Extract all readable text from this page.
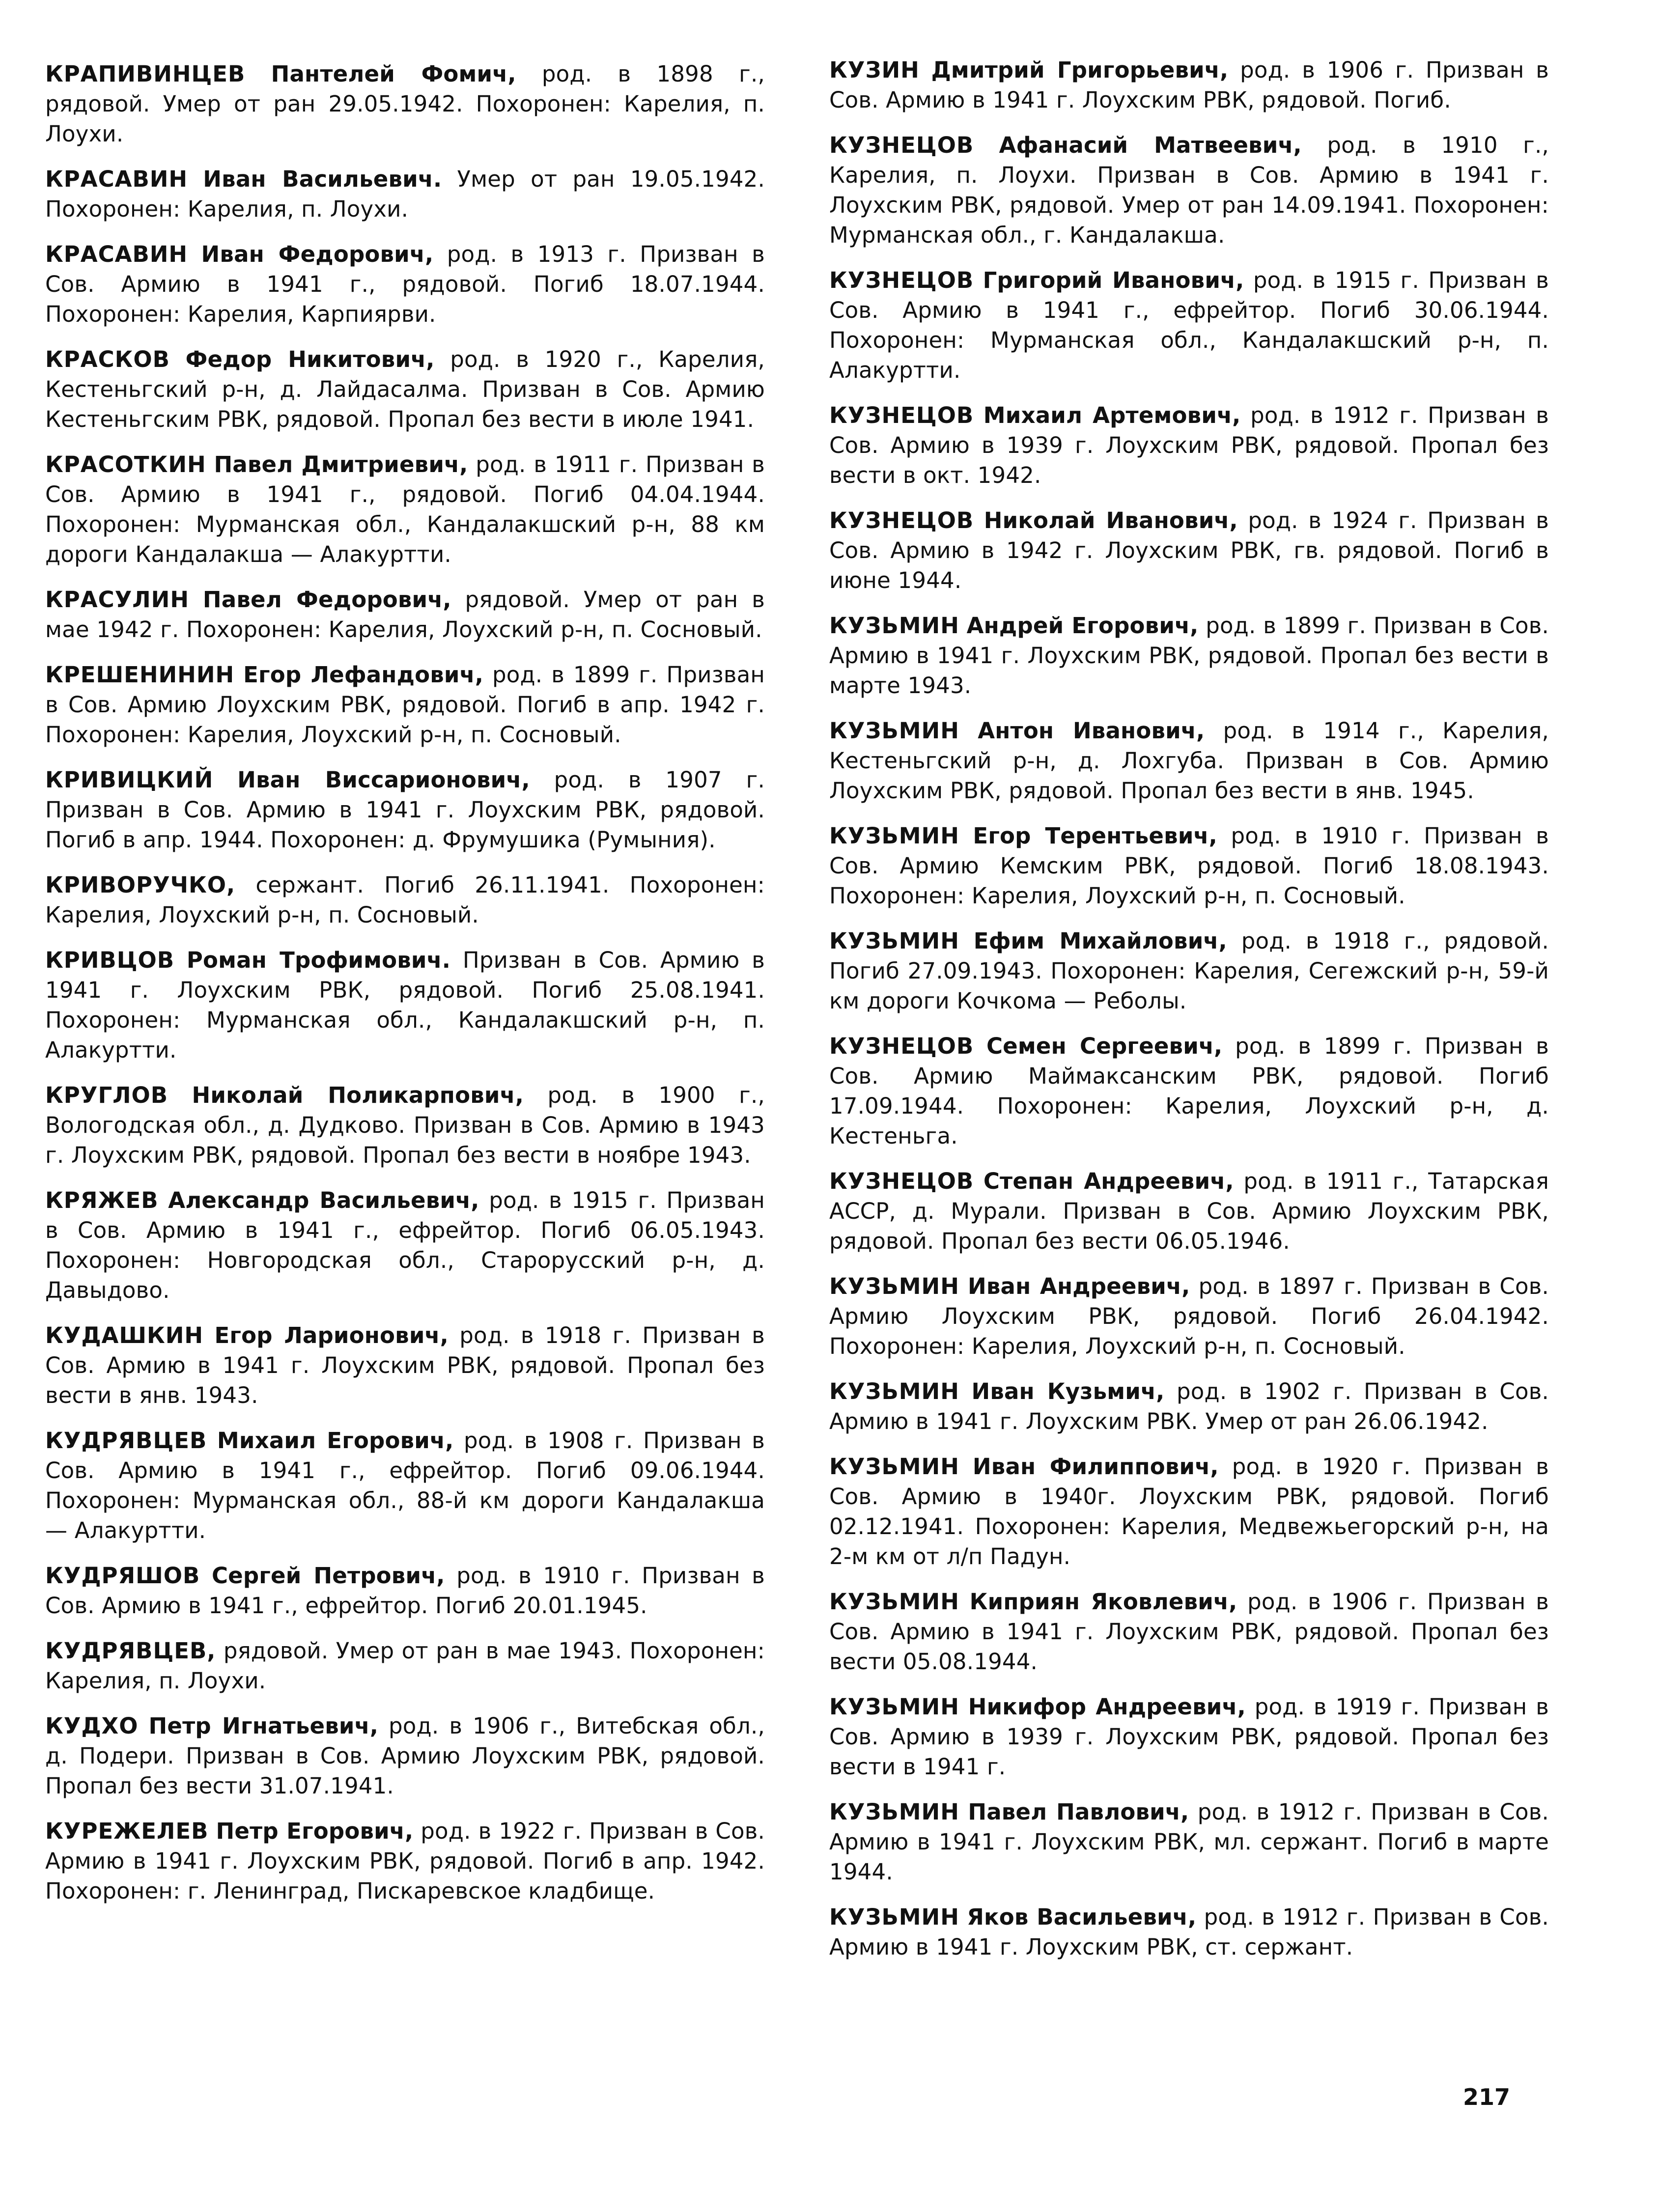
КРАПИВИНЦЕВ Пантелей Фомич, род. в 1898 г., рядовой. Умер от ран 29.05.1942. Похоронен: Карелия, п. Лоухи.

КРАСАВИН Иван Васильевич. Умер от ран 19.05.1942. Похоронен: Карелия, п. Лоухи.

КРАСАВИН Иван Федорович, род. в 1913 г. Призван в Сов. Армию в 1941 г., рядовой. Погиб 18.07.1944. Похоронен: Карелия, Карпиярви.

КРАСКОВ Федор Никитович, род. в 1920 г., Карелия, Кестеньгский р-н, д. Лайдасалма. Призван в Сов. Армию Кестеньгским РВК, рядовой. Пропал без вести в июле 1941.

КРАСОТКИН Павел Дмитриевич, род. в 1911 г. Призван в Сов. Армию в 1941 г., рядовой. Погиб 04.04.1944. Похоронен: Мурманская обл., Кандалакшский р-н, 88 км дороги Кандалакша — Алакуртти.

КРАСУЛИН Павел Федорович, рядовой. Умер от ран в мае 1942 г. Похоронен: Карелия, Лоухский р-н, п. Сосновый.

КРЕШЕНИНИН Егор Лефандович, род. в 1899 г. Призван в Сов. Армию Лоухским РВК, рядовой. Погиб в апр. 1942 г. Похоронен: Карелия, Лоухский р-н, п. Сосновый.

КРИВИЦКИЙ Иван Виссарионович, род. в 1907 г. Призван в Сов. Армию в 1941 г. Лоухским РВК, рядовой. Погиб в апр. 1944. Похоронен: д. Фрумушика (Румыния).

КРИВОРУЧКО, сержант. Погиб 26.11.1941. Похоронен: Карелия, Лоухский р-н, п. Сосновый.

КРИВЦОВ Роман Трофимович. Призван в Сов. Армию в 1941 г. Лоухским РВК, рядовой. Погиб 25.08.1941. Похоронен: Мурманская обл., Кандалакшский р-н, п. Алакуртти.

КРУГЛОВ Николай Поликарпович, род. в 1900 г., Вологодская обл., д. Дудково. Призван в Сов. Армию в 1943 г. Лоухским РВК, рядовой. Пропал без вести в ноябре 1943.

КРЯЖЕВ Александр Васильевич, род. в 1915 г. Призван в Сов. Армию в 1941 г., ефрейтор. Погиб 06.05.1943. Похоронен: Новгородская обл., Старорусский р-н, д. Давыдово.

КУДАШКИН Егор Ларионович, род. в 1918 г. Призван в Сов. Армию в 1941 г. Лоухским РВК, рядовой. Пропал без вести в янв. 1943.

КУДРЯВЦЕВ Михаил Егорович, род. в 1908 г. Призван в Сов. Армию в 1941 г., ефрейтор. Погиб 09.06.1944. Похоронен: Мурманская обл., 88-й км дороги Кандалакша — Алакуртти.

КУДРЯШОВ Сергей Петрович, род. в 1910 г. Призван в Сов. Армию в 1941 г., ефрейтор. Погиб 20.01.1945.

КУДРЯВЦЕВ, рядовой. Умер от ран в мае 1943. Похоронен: Карелия, п. Лоухи.

КУДХО Петр Игнатьевич, род. в 1906 г., Витебская обл., д. Подери. Призван в Сов. Армию Лоухским РВК, рядовой. Пропал без вести 31.07.1941.

КУРЕЖЕЛЕВ Петр Егорович, род. в 1922 г. Призван в Сов. Армию в 1941 г. Лоухским РВК, рядовой. Погиб в апр. 1942. Похоронен: г. Ленинград, Пискаревское кладбище.

КУЗИН Дмитрий Григорьевич, род. в 1906 г. Призван в Сов. Армию в 1941 г. Лоухским РВК, рядовой. Погиб.

КУЗНЕЦОВ Афанасий Матвеевич, род. в 1910 г., Карелия, п. Лоухи. Призван в Сов. Армию в 1941 г. Лоухским РВК, рядовой. Умер от ран 14.09.1941. Похоронен: Мурманская обл., г. Кандалакша.

КУЗНЕЦОВ Григорий Иванович, род. в 1915 г. Призван в Сов. Армию в 1941 г., ефрейтор. Погиб 30.06.1944. Похоронен: Мурманская обл., Кандалакшский р-н, п. Алакуртти.

КУЗНЕЦОВ Михаил Артемович, род. в 1912 г. Призван в Сов. Армию в 1939 г. Лоухским РВК, рядовой. Пропал без вести в окт. 1942.

КУЗНЕЦОВ Николай Иванович, род. в 1924 г. Призван в Сов. Армию в 1942 г. Лоухским РВК, гв. рядовой. Погиб в июне 1944.

КУЗЬМИН Андрей Егорович, род. в 1899 г. Призван в Сов. Армию в 1941 г. Лоухским РВК, рядовой. Пропал без вести в марте 1943.

КУЗЬМИН Антон Иванович, род. в 1914 г., Карелия, Кестеньгский р-н, д. Лохгуба. Призван в Сов. Армию Лоухским РВК, рядовой. Пропал без вести в янв. 1945.

КУЗЬМИН Егор Терентьевич, род. в 1910 г. Призван в Сов. Армию Кемским РВК, рядовой. Погиб 18.08.1943. Похоронен: Карелия, Лоухский р-н, п. Сосновый.

КУЗЬМИН Ефим Михайлович, род. в 1918 г., рядовой. Погиб 27.09.1943. Похоронен: Карелия, Сегежский р-н, 59-й км дороги Кочкома — Реболы.

КУЗНЕЦОВ Семен Сергеевич, род. в 1899 г. Призван в Сов. Армию Маймаксанским РВК, рядовой. Погиб 17.09.1944. Похоронен: Карелия, Лоухский р-н, д. Кестеньга.

КУЗНЕЦОВ Степан Андреевич, род. в 1911 г., Татарская АССР, д. Мурали. Призван в Сов. Армию Лоухским РВК, рядовой. Пропал без вести 06.05.1946.

КУЗЬМИН Иван Андреевич, род. в 1897 г. Призван в Сов. Армию Лоухским РВК, рядовой. Погиб 26.04.1942. Похоронен: Карелия, Лоухский р-н, п. Сосновый.

КУЗЬМИН Иван Кузьмич, род. в 1902 г. Призван в Сов. Армию в 1941 г. Лоухским РВК. Умер от ран 26.06.1942.

КУЗЬМИН Иван Филиппович, род. в 1920 г. Призван в Сов. Армию в 1940г. Лоухским РВК, рядовой. Погиб 02.12.1941. Похоронен: Карелия, Медвежьегорский р-н, на 2-м км от л/п Падун.

КУЗЬМИН Киприян Яковлевич, род. в 1906 г. Призван в Сов. Армию в 1941 г. Лоухским РВК, рядовой. Пропал без вести 05.08.1944.

КУЗЬМИН Никифор Андреевич, род. в 1919 г. Призван в Сов. Армию в 1939 г. Лоухским РВК, рядовой. Пропал без вести в 1941 г.

КУЗЬМИН Павел Павлович, род. в 1912 г. Призван в Сов. Армию в 1941 г. Лоухским РВК, мл. сержант. Погиб в марте 1944.

КУЗЬМИН Яков Васильевич, род. в 1912 г. Призван в Сов. Армию в 1941 г. Лоухским РВК, ст. сержант.

217
